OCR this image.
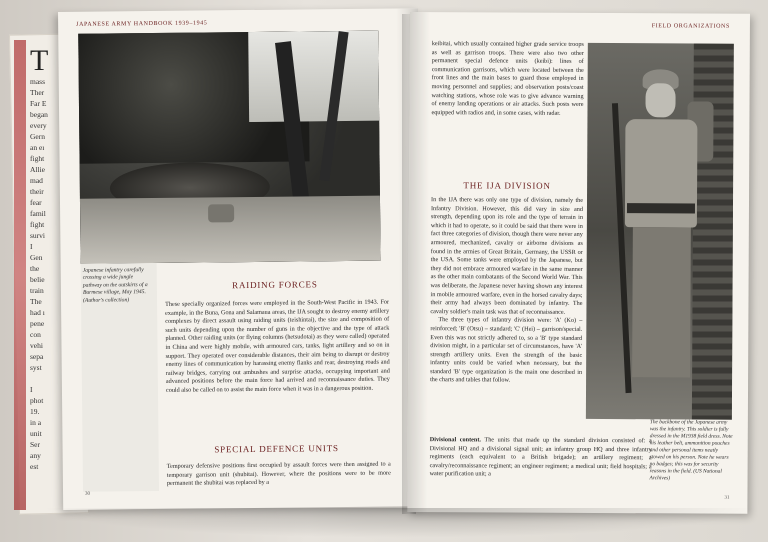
T
mass
Ther
Far E
began
every
Gern
an eı
fight
Allie
mad
their
fear
famil
fight
survi
I
Gen
the
belie
train
The
had ı
pene
con
vehi
sepa
syst

I
phot
19.
in a
unit
Ser
any
est
JAPANESE ARMY HANDBOOK 1939–1945
Japanese infantry carefully crossing a wide jungle pathway on the outskirts of a Burmese village, May 1945. (Author's collection)
RAIDING FORCES
These specially organized forces were employed in the South-West Pacific in 1943. For example, in the Buna, Gona and Salamaua areas, the IJA sought to destroy enemy artillery complexes by direct assault using raiding units (teishintai), the size and composition of such units depending upon the number of guns in the objective and the type of attack planned. Other raiding units (or flying columns (hetsudotai) as they were called) operated in China and were highly mobile, with armoured cars, tanks, light artillery and so on in support. They operated over considerable distances, their aim being to disrupt or destroy enemy lines of communication by harassing enemy flanks and rear, destroying roads and railway bridges, carrying out ambushes and surprise attacks, occupying important and advanced positions before the main force had arrived and reconnaissance duties. They could also be called on to assist the main force when it was in a dangerous position.
SPECIAL DEFENCE UNITS
Temporary defensive positions first occupied by assault forces were then assigned to a temporary garrison unit (shubitai). However, where the positions were to be more permanent the shubitai was replaced by a
30
FIELD ORGANIZATIONS
keibitai, which usually contained higher grade service troops as well as garrison troops. There were also two other permanent special defence units (keibi): lines of communication garrisons, which were located between the front lines and the main bases to guard those employed in moving personnel and supplies; and observation posts/coast watching stations, whose role was to give advance warning of enemy landing operations or air attacks. Such posts were equipped with radios and, in some cases, with radar.
THE IJA DIVISION

In the IJA there was only one type of division, namely the Infantry Division. However, this did vary in size and strength, depending upon its role and the type of terrain in which it had to operate, so it could be said that there were in fact three categories of division, though there were never any armoured, mechanized, cavalry or airborne divisions as found in the armies of Great Britain, Germany, the USSR or the USA. Some tanks were employed by the Japanese, but they did not embrace armoured warfare in the same manner as the other main combatants of the Second World War. This was deliberate, the Japanese never having shown any interest in mobile armoured warfare, even in the horsed cavalry days; their army had always been dominated by infantry. The cavalry soldier's main task was that of reconnaissance.

The three types of infantry division were: 'A' (Ko) – reinforced; 'B' (Otsu) – standard; 'C' (Hei) – garrison/special. Even this was not strictly adhered to, so a 'B' type standard division might, in a particular set of circumstances, have 'A' strength artillery units. Even the strength of the basic infantry units could be varied when necessary, but the standard 'B' type organization is the main one described in the charts and tables that follow.

The backbone of the Japanese army was the infantry. This soldier is fully dressed in the M1938 field dress. Note his leather belt, ammunition pouches and other personal items neatly stowed on his person. Note he wears no badges; this was for security reasons in the field. (US National Archives)
Divisional content. The units that made up the standard division consisted of: a Divisional HQ and a divisional signal unit; an infantry group HQ and three infantry regiments (each equivalent to a British brigade); an artillery regiment; a cavalry/reconnaissance regiment; an engineer regiment; a medical unit; field hospitals; a water purification unit; a
31
